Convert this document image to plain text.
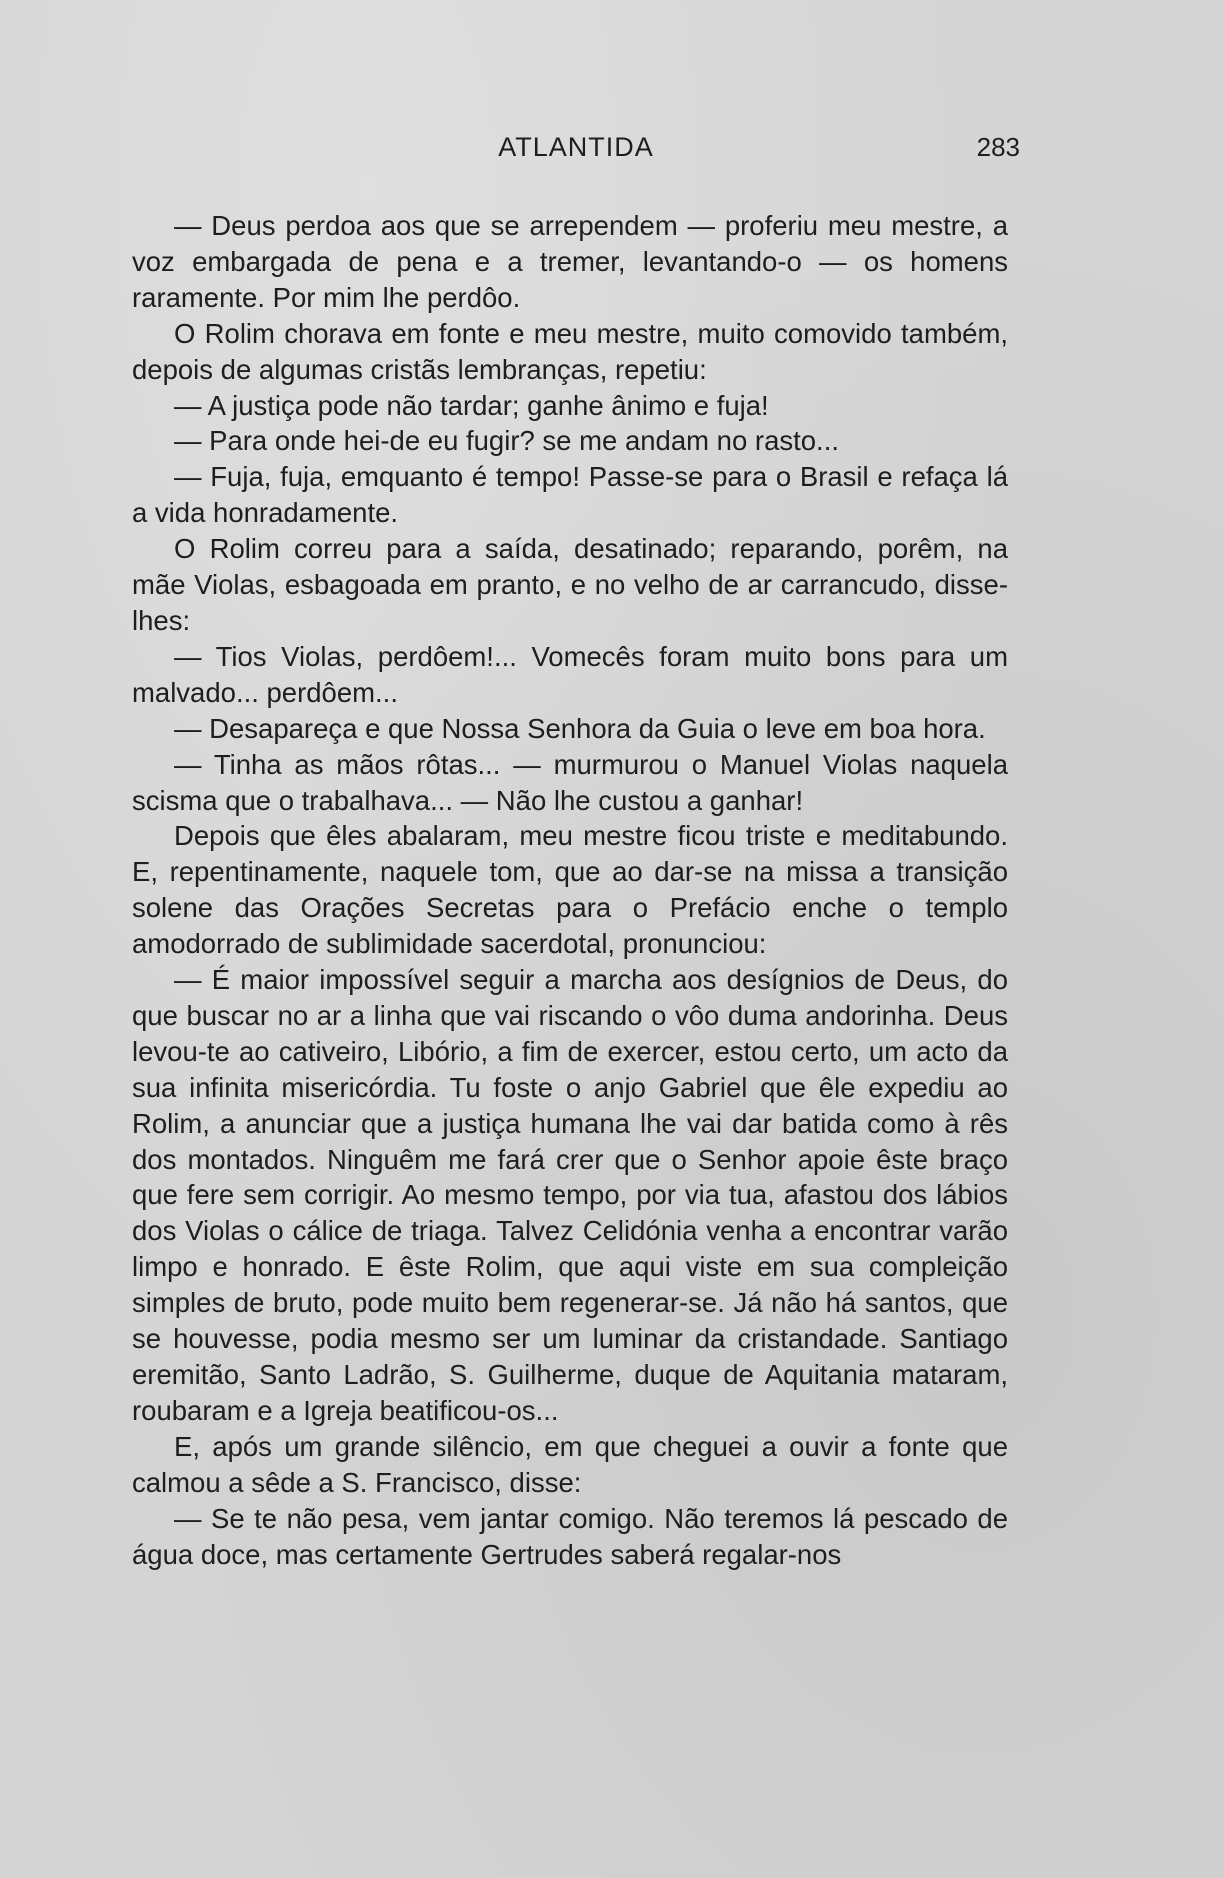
ATLANTIDA	283

— Deus perdoa aos que se arrependem — proferiu meu mestre, a voz embargada de pena e a tremer, levantando-o — os homens raramente. Por mim lhe perdôo.

O Rolim chorava em fonte e meu mestre, muito comovido também, depois de algumas cristãs lembranças, repetiu:

— A justiça pode não tardar; ganhe ânimo e fuja!

— Para onde hei-de eu fugir? se me andam no rasto...

— Fuja, fuja, emquanto é tempo! Passe-se para o Brasil e refaça lá a vida honradamente.

O Rolim correu para a saída, desatinado; reparando, porêm, na mãe Violas, esbagoada em pranto, e no velho de ar carrancudo, disse-lhes:

— Tios Violas, perdôem!... Vomecês foram muito bons para um malvado... perdôem...

— Desapareça e que Nossa Senhora da Guia o leve em boa hora.

— Tinha as mãos rôtas... — murmurou o Manuel Violas naquela scisma que o trabalhava... — Não lhe custou a ganhar!

Depois que êles abalaram, meu mestre ficou triste e meditabundo. E, repentinamente, naquele tom, que ao dar-se na missa a transição solene das Orações Secretas para o Prefácio enche o templo amodorrado de sublimidade sacerdotal, pronunciou:

— É maior impossível seguir a marcha aos desígnios de Deus, do que buscar no ar a linha que vai riscando o vôo duma andorinha. Deus levou-te ao cativeiro, Libório, a fim de exercer, estou certo, um acto da sua infinita misericórdia. Tu foste o anjo Gabriel que êle expediu ao Rolim, a anunciar que a justiça humana lhe vai dar batida como à rês dos montados. Ninguêm me fará crer que o Senhor apoie êste braço que fere sem corrigir. Ao mesmo tempo, por via tua, afastou dos lábios dos Violas o cálice de triaga. Talvez Celidónia venha a encontrar varão limpo e honrado. E êste Rolim, que aqui viste em sua compleição simples de bruto, pode muito bem regenerar-se. Já não há santos, que se houvesse, podia mesmo ser um luminar da cristandade. Santiago eremitão, Santo Ladrão, S. Guilherme, duque de Aquitania mataram, roubaram e a Igreja beatificou-os...

E, após um grande silêncio, em que cheguei a ouvir a fonte que calmou a sêde a S. Francisco, disse:

— Se te não pesa, vem jantar comigo. Não teremos lá pescado de água doce, mas certamente Gertrudes saberá regalar-nos
